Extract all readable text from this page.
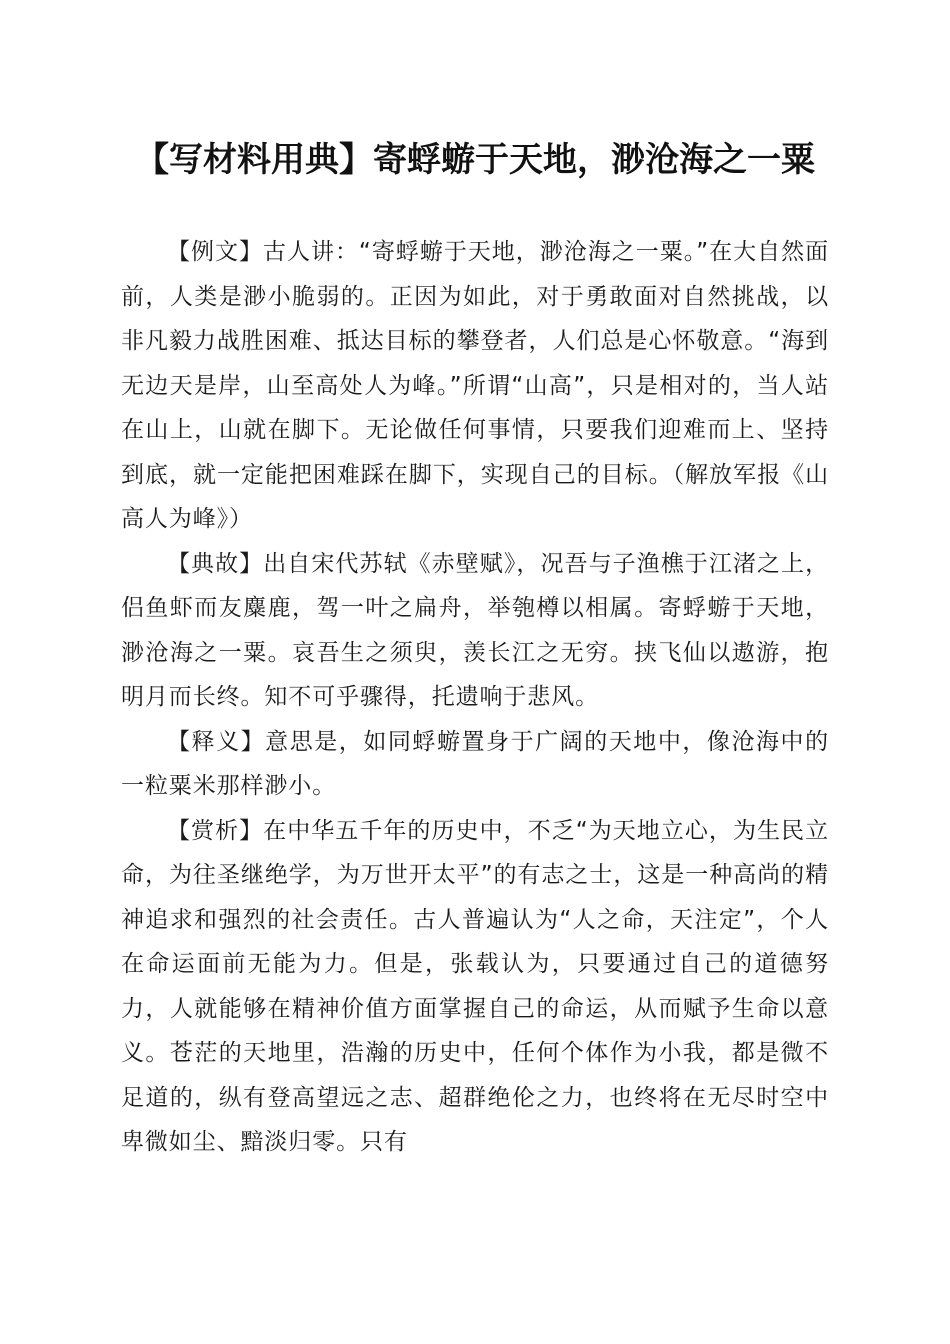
【写材料用典】寄蜉蝣于天地，渺沧海之一粟

【例文】古人讲：“寄蜉蝣于天地，渺沧海之一粟。”在大自然面前，人类是渺小脆弱的。正因为如此，对于勇敢面对自然挑战，以非凡毅力战胜困难、抵达目标的攀登者，人们总是心怀敬意。“海到无边天是岸，山至高处人为峰。”所谓“山高”，只是相对的，当人站在山上，山就在脚下。无论做任何事情，只要我们迎难而上、坚持到底，就一定能把困难踩在脚下，实现自己的目标。（解放军报《山高人为峰》）

【典故】出自宋代苏轼《赤壁赋》，况吾与子渔樵于江渚之上，侣鱼虾而友麋鹿，驾一叶之扁舟，举匏樽以相属。寄蜉蝣于天地，渺沧海之一粟。哀吾生之须臾，羡长江之无穷。挟飞仙以遨游，抱明月而长终。知不可乎骤得，托遗响于悲风。

【释义】意思是，如同蜉蝣置身于广阔的天地中，像沧海中的一粒粟米那样渺小。

【赏析】在中华五千年的历史中，不乏“为天地立心，为生民立命，为往圣继绝学，为万世开太平”的有志之士，这是一种高尚的精神追求和强烈的社会责任。古人普遍认为“人之命，天注定”，个人在命运面前无能为力。但是，张载认为，只要通过自己的道德努力，人就能够在精神价值方面掌握自己的命运，从而赋予生命以意义。苍茫的天地里，浩瀚的历史中，任何个体作为小我，都是微不足道的，纵有登高望远之志、超群绝伦之力，也终将在无尽时空中卑微如尘、黯淡归零。只有
